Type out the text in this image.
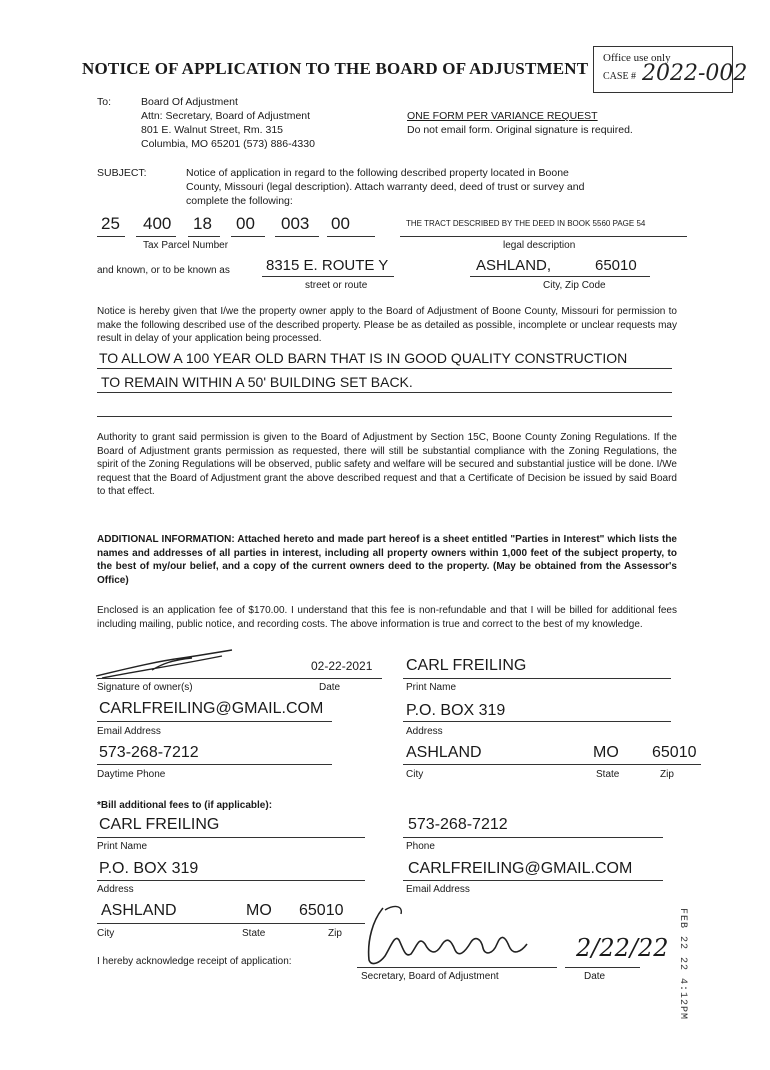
NOTICE OF APPLICATION TO THE BOARD OF ADJUSTMENT
Office use only
CASE # 2022-002
To:	Board Of Adjustment
Attn: Secretary, Board of Adjustment
801 E. Walnut Street, Rm. 315
Columbia, MO 65201 (573) 886-4330
ONE FORM PER VARIANCE REQUEST
Do not email form. Original signature is required.
SUBJECT:	Notice of application in regard to the following described property located in Boone
County, Missouri (legal description). Attach warranty deed, deed of trust or survey and
complete the following:
25 400 18 00 003 00
Tax Parcel Number
THE TRACT DESCRIBED BY THE DEED IN BOOK 5560 PAGE 54
legal description
and known, or to be known as 8315 E. ROUTE Y
street or route
ASHLAND,	65010
City, Zip Code
Notice is hereby given that I/we the property owner apply to the Board of Adjustment of Boone County, Missouri for permission to make the following described use of the described property. Please be as detailed as possible, incomplete or unclear requests may result in delay of your application being processed.
TO ALLOW A 100 YEAR OLD BARN THAT IS IN GOOD QUALITY CONSTRUCTION
TO REMAIN WITHIN A 50' BUILDING SET BACK.
Authority to grant said permission is given to the Board of Adjustment by Section 15C, Boone County Zoning Regulations. If the Board of Adjustment grants permission as requested, there will still be substantial compliance with the Zoning Regulations, the spirit of the Zoning Regulations will be observed, public safety and welfare will be secured and substantial justice will be done. I/We request that the Board of Adjustment grant the above described request and that a Certificate of Decision be issued by said Board to that effect.
ADDITIONAL INFORMATION: Attached hereto and made part hereof is a sheet entitled "Parties in Interest" which lists the names and addresses of all parties in interest, including all property owners within 1,000 feet of the subject property, to the best of my/our belief, and a copy of the current owners deed to the property. (May be obtained from the Assessor's Office)
Enclosed is an application fee of $170.00. I understand that this fee is non-refundable and that I will be billed for additional fees including mailing, public notice, and recording costs. The above information is true and correct to the best of my knowledge.
02-22-2021
Signature of owner(s)	Date
CARL FREILING
Print Name
CARLFREILING@GMAIL.COM
Email Address
P.O. BOX 319
Address
573-268-7212
Daytime Phone
ASHLAND	MO 65010
City	State	Zip
*Bill additional fees to (if applicable):
CARL FREILING
Print Name
573-268-7212
Phone
P.O. BOX 319
Address
CARLFREILING@GMAIL.COM
Email Address
ASHLAND	MO 65010
City	State	Zip
I hereby acknowledge receipt of application:
Secretary, Board of Adjustment
2/22/22
Date	FEB 22 22 4:12PM
